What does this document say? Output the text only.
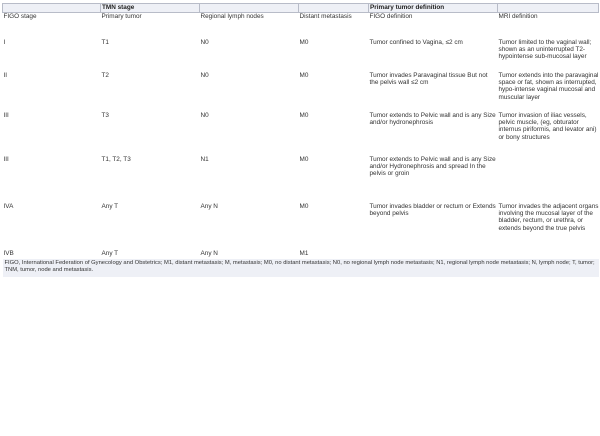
	TMN stage			Primary tumor definition	
FIGO stage	Primary tumor	Regional lymph nodes	Distant metastasis	FIGO definition	MRI definition
I	T1	N0	M0	Tumor confined to Vagina, ≤2 cm	Tumor limited to the vaginal wall; shown as an uninterrupted T2-hypointense sub-mucosal layer
II	T2	N0	M0	Tumor invades Paravaginal tissue But not the pelvis wall ≤2 cm	Tumor extends into the paravaginal space or fat, shown as interrupted, hypo-intense vaginal mucosal and muscular layer
III	T3	N0	M0	Tumor extends to Pelvic wall and is any Size and/or hydronephrosis	Tumor invasion of iliac vessels, pelvic muscle, (eg, obturator internus piriformis, and levator ani) or bony structures
III	T1, T2, T3	N1	M0	Tumor extends to Pelvic wall and is any Size and/or Hydronephrosis and spread In the pelvis or groin	
IVA	Any T	Any N	M0	Tumor invades bladder or rectum or Extends beyond pelvis	Tumor invades the adjacent organs involving the mucosal layer of the bladder, rectum, or urethra, or extends beyond the true pelvis
IVB	Any T	Any N	M1		
FIGO, International Federation of Gynecology and Obstetrics; M1, distant metastasis; M, metastasis; M0, no distant metastasis; N0, no regional lymph node metastasis; N1, regional lymph node metastasis; N, lymph node; T, tumor; TNM, tumor, node and metastasis.					
